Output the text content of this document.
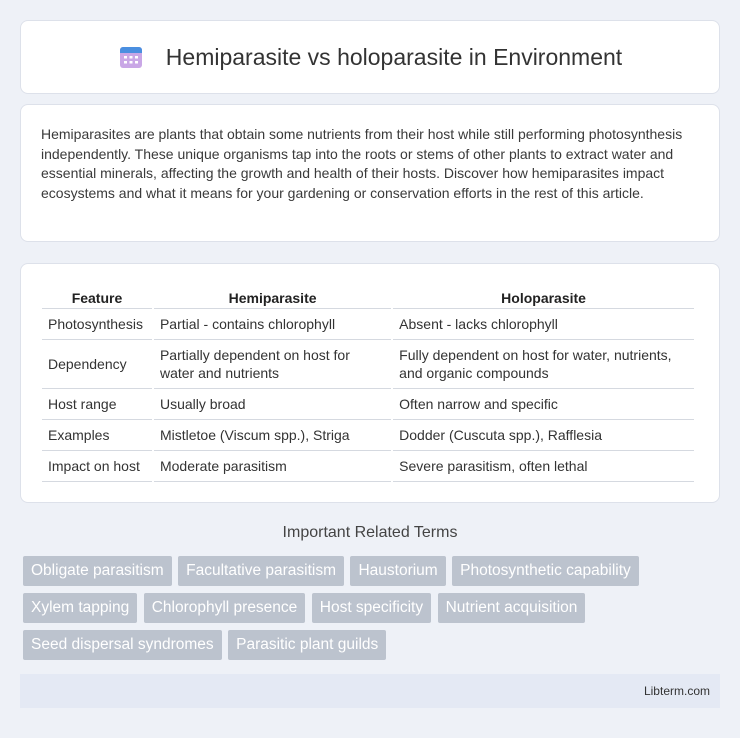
Hemiparasite vs holoparasite in Environment

Hemiparasites are plants that obtain some nutrients from their host while still performing photosynthesis independently. These unique organisms tap into the roots or stems of other plants to extract water and essential minerals, affecting the growth and health of their hosts. Discover how hemiparasites impact ecosystems and what it means for your gardening or conservation efforts in the rest of this article.

Feature	Hemiparasite	Holoparasite
Photosynthesis	Partial - contains chlorophyll	Absent - lacks chlorophyll
Dependency	Partially dependent on host for water and nutrients	Fully dependent on host for water, nutrients, and organic compounds
Host range	Usually broad	Often narrow and specific
Examples	Mistletoe (Viscum spp.), Striga	Dodder (Cuscuta spp.), Rafflesia
Impact on host	Moderate parasitism	Severe parasitism, often lethal
Important Related Terms
Obligate parasitism Facultative parasitism Haustorium Photosynthetic capability Xylem tapping Chlorophyll presence Host specificity Nutrient acquisition Seed dispersal syndromes Parasitic plant guilds
Libterm.com
